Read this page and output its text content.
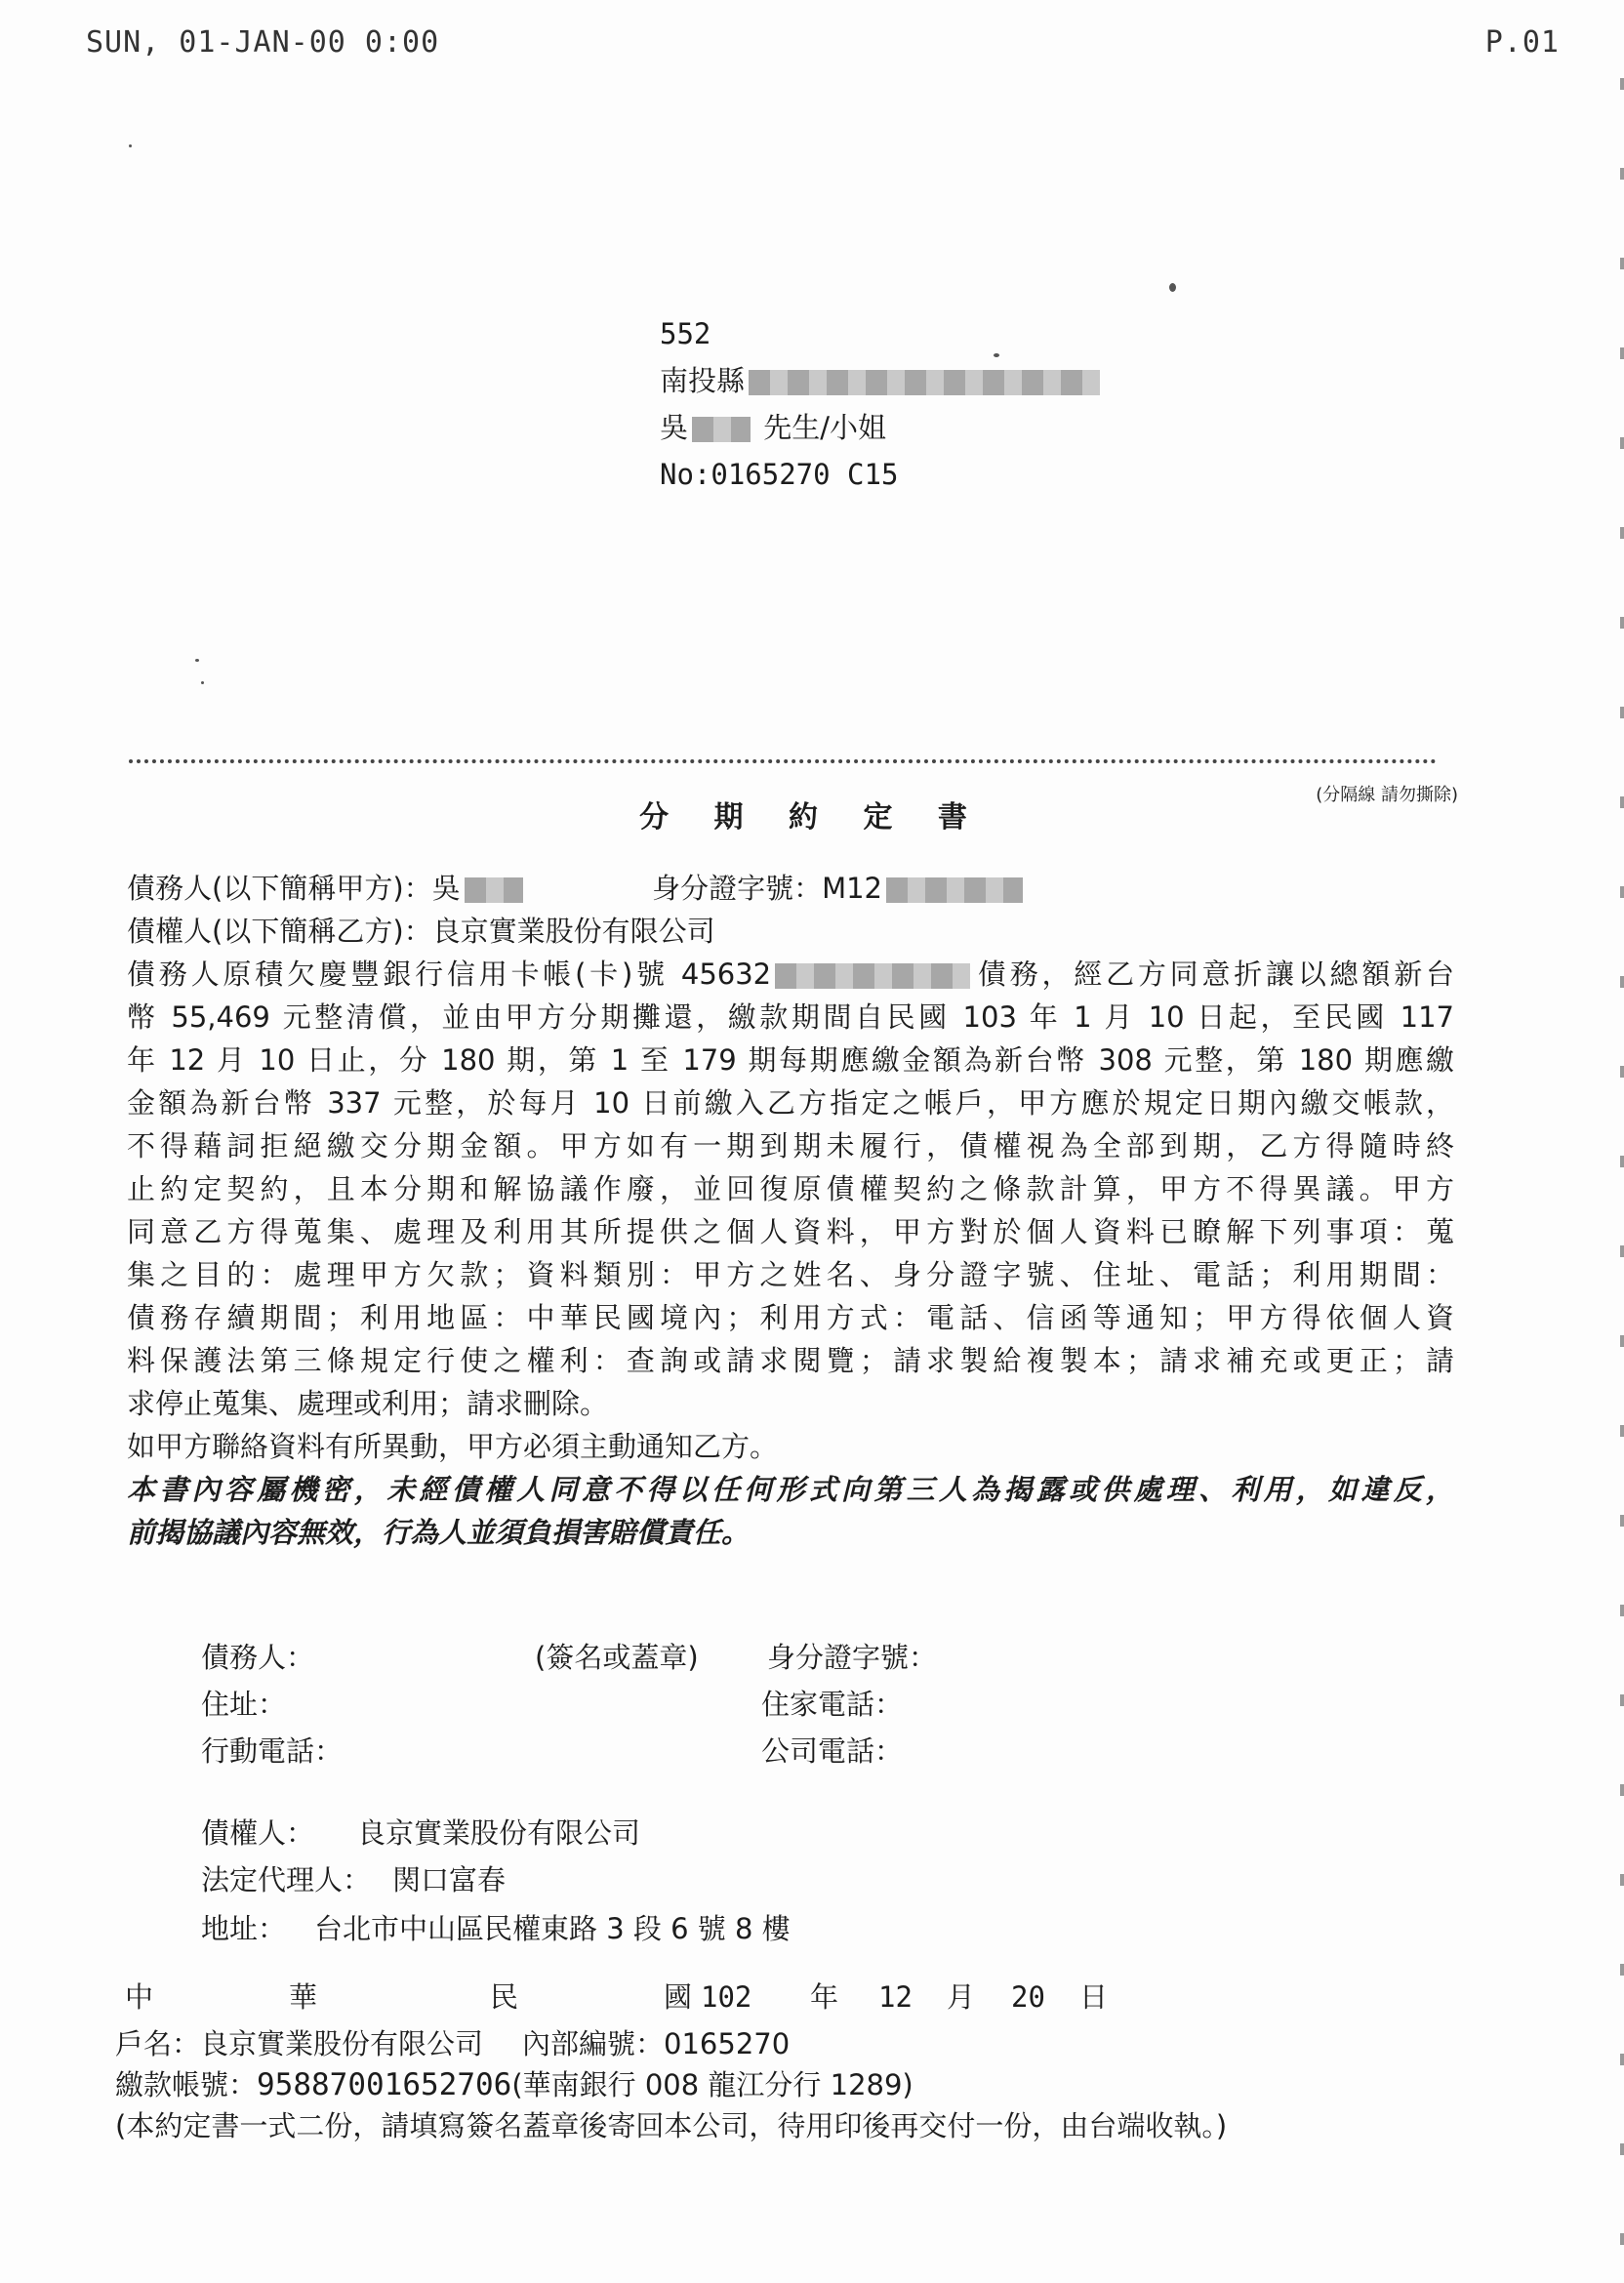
SUN, 01-JAN-00 0:00	P.01
552
南投縣
吳	先生/小姐
No:0165270 C15
(分隔線 請勿撕除)
分 期 約 定 書
債務人(以下簡稱甲方)：吳	身分證字號：M12
債權人(以下簡稱乙方)：良京實業股份有限公司
債務人原積欠慶豐銀行信用卡帳(卡)號 45632	債務，經乙方同意折讓以總額新台
幣 55,469 元整清償，並由甲方分期攤還，繳款期間自民國 103 年 1 月 10 日起，至民國 117
年 12 月 10 日止，分 180 期，第 1 至 179 期每期應繳金額為新台幣 308 元整，第 180 期應繳
金額為新台幣 337 元整，於每月 10 日前繳入乙方指定之帳戶，甲方應於規定日期內繳交帳款，
不得藉詞拒絕繳交分期金額。甲方如有一期到期未履行，債權視為全部到期，乙方得隨時終
止約定契約，且本分期和解協議作廢，並回復原債權契約之條款計算，甲方不得異議。甲方
同意乙方得蒐集、處理及利用其所提供之個人資料，甲方對於個人資料已瞭解下列事項：蒐
集之目的：處理甲方欠款；資料類別：甲方之姓名、身分證字號、住址、電話；利用期間：
債務存續期間；利用地區：中華民國境內；利用方式：電話、信函等通知；甲方得依個人資
料保護法第三條規定行使之權利：查詢或請求閱覽；請求製給複製本；請求補充或更正；請
求停止蒐集、處理或利用；請求刪除。
如甲方聯絡資料有所異動，甲方必須主動通知乙方。
本書內容屬機密，未經債權人同意不得以任何形式向第三人為揭露或供處理、利用，如違反，
前揭協議內容無效，行為人並須負損害賠償責任。
債務人：	(簽名或蓋章) 身分證字號：
住址：	住家電話：
行動電話：	公司電話：
債權人： 良京實業股份有限公司
法定代理人： 関口富春
地址： 台北市中山區民權東路 3 段 6 號 8 樓
中	華	民	國 102 年 12 月 20 日
戶名：良京實業股份有限公司 內部編號：0165270
繳款帳號：95887001652706(華南銀行 008 龍江分行 1289)
(本約定書一式二份，請填寫簽名蓋章後寄回本公司，待用印後再交付一份，由台端收執。)
